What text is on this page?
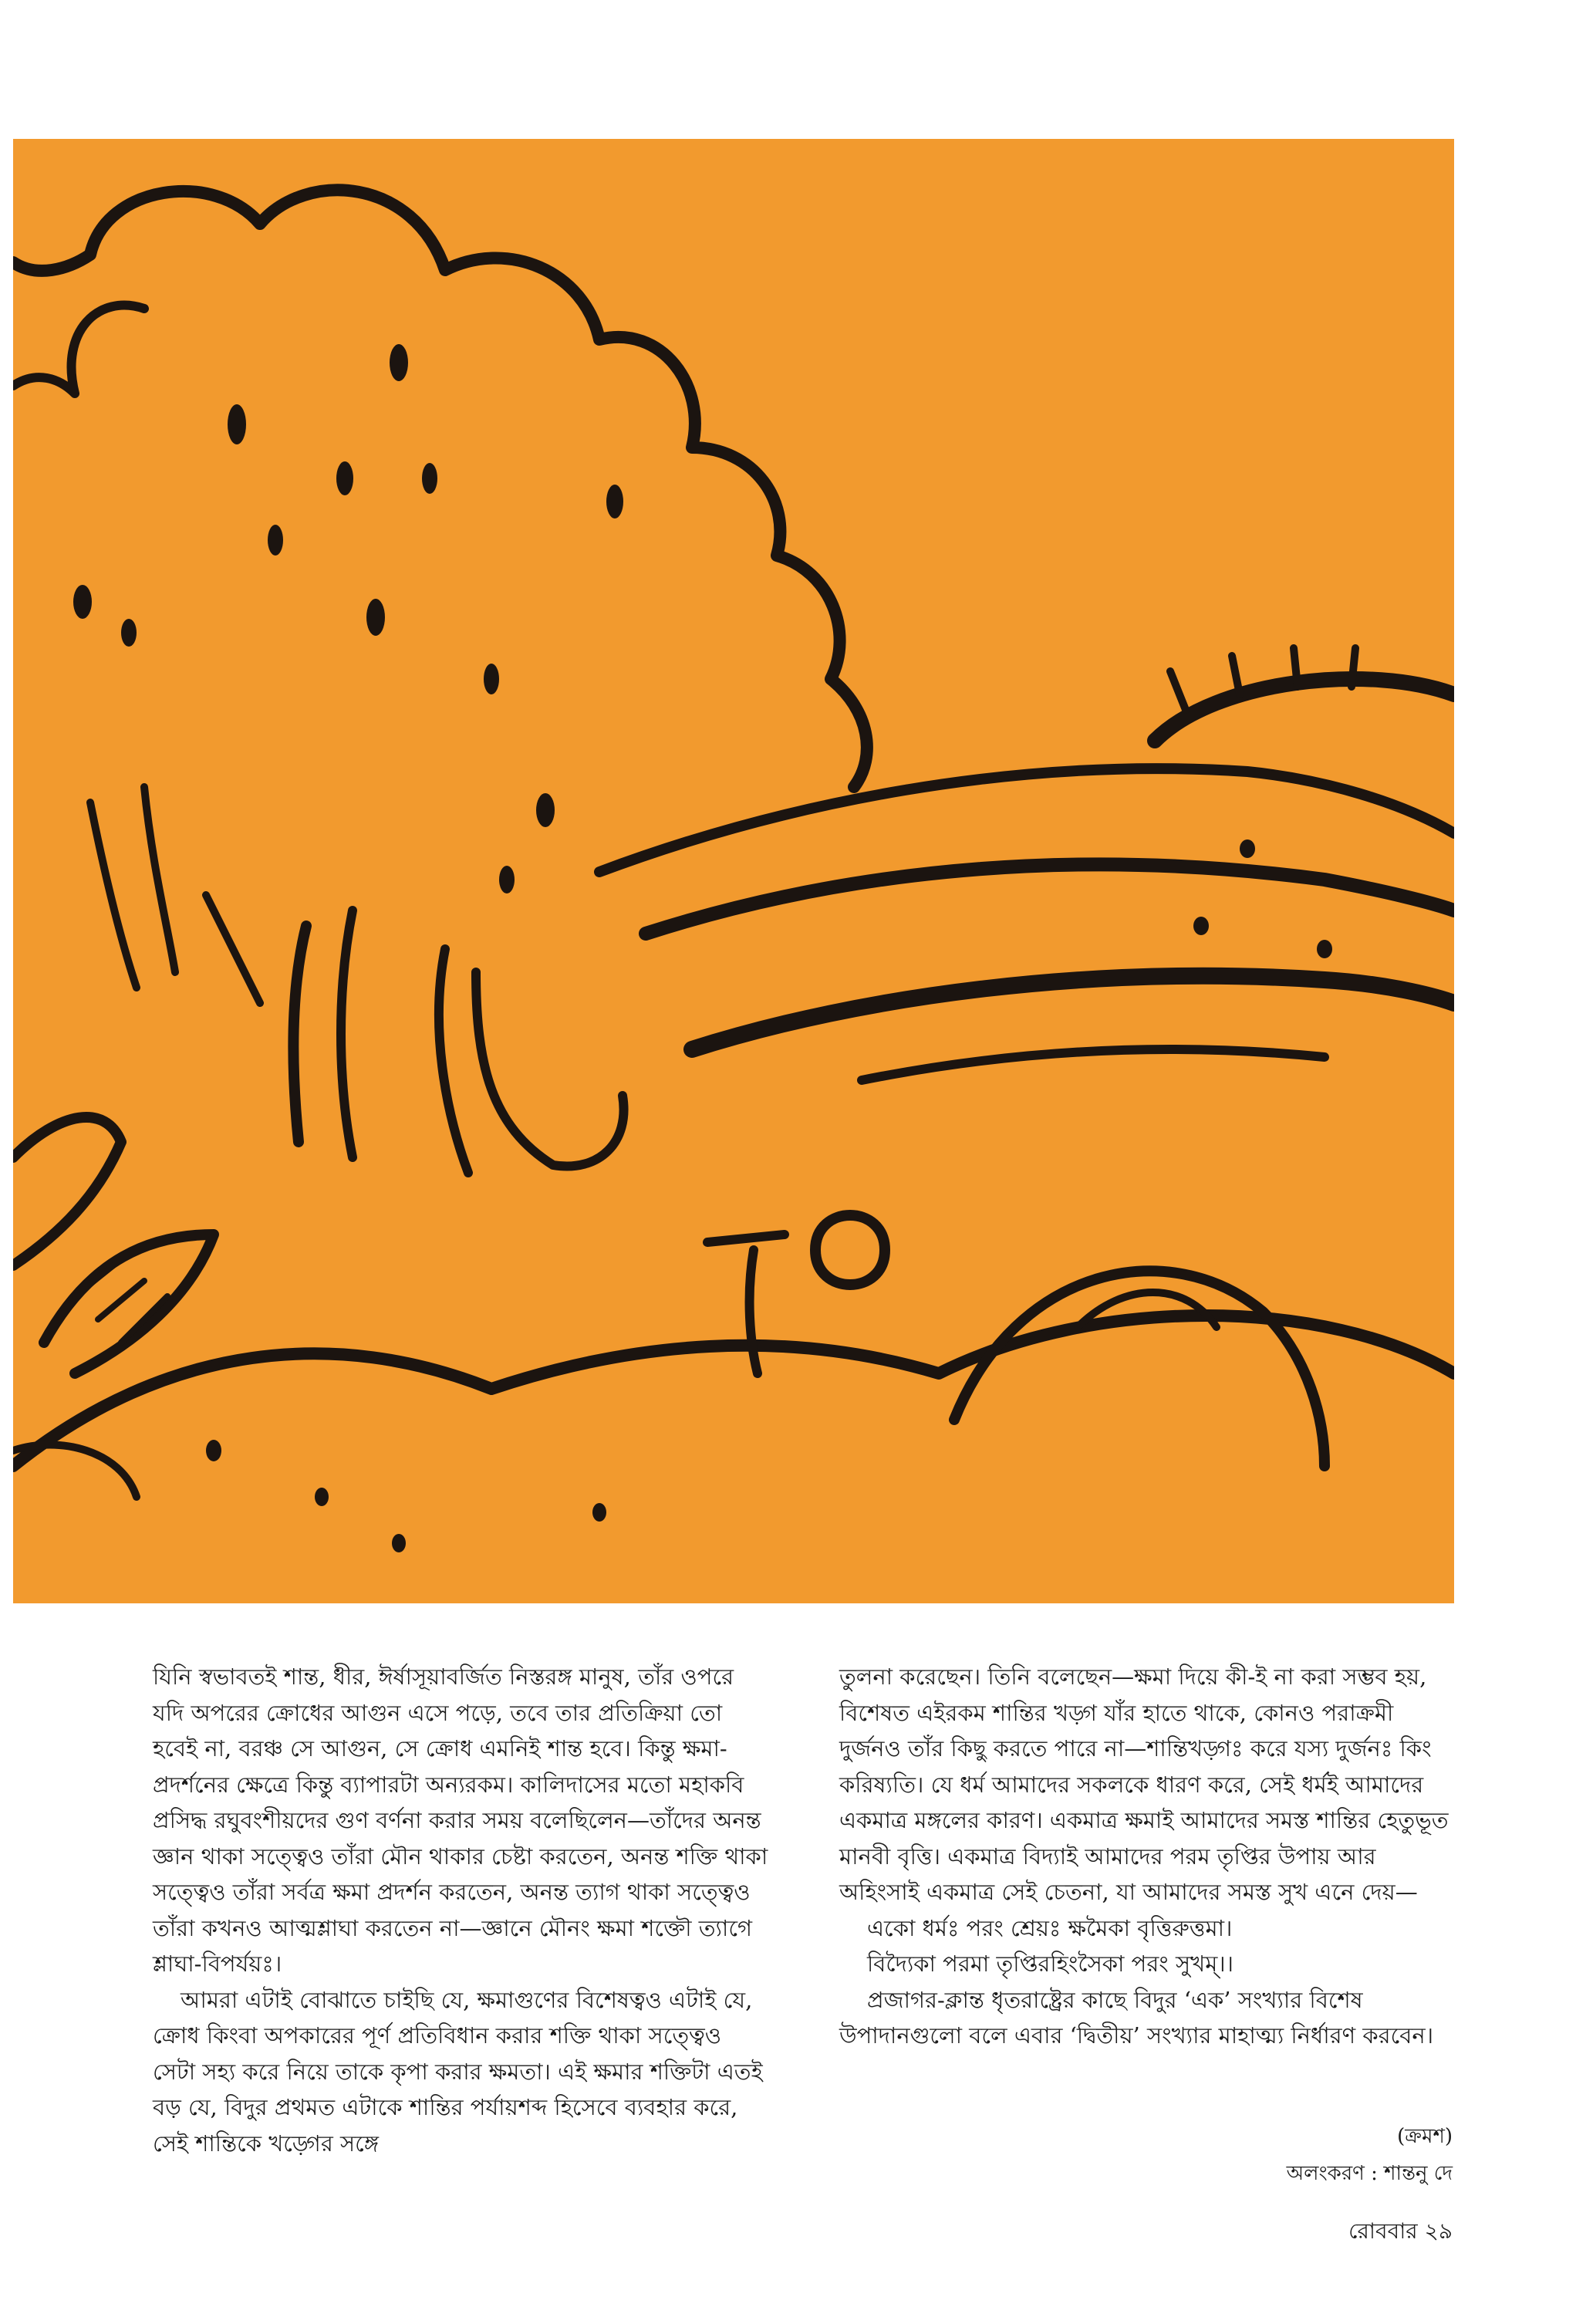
যিনি স্বভাবতই শান্ত, ধীর, ঈর্ষাসূয়াবর্জিত নিস্তরঙ্গ মানুষ, তাঁর ওপরে যদি অপরের ক্রোধের আগুন এসে পড়ে, তবে তার প্রতিক্রিয়া তো হবেই না, বরঞ্চ সে আগুন, সে ক্রোধ এমনিই শান্ত হবে। কিন্তু ক্ষমা-প্রদর্শনের ক্ষেত্রে কিন্তু ব্যাপারটা অন্যরকম। কালিদাসের মতো মহাকবি প্রসিদ্ধ রঘুবংশীয়দের গুণ বর্ণনা করার সময় বলেছিলেন—তাঁদের অনন্ত জ্ঞান থাকা সত্ত্বেও তাঁরা মৌন থাকার চেষ্টা করতেন, অনন্ত শক্তি থাকা সত্ত্বেও তাঁরা সর্বত্র ক্ষমা প্রদর্শন করতেন, অনন্ত ত্যাগ থাকা সত্ত্বেও তাঁরা কখনও আত্মশ্লাঘা করতেন না—জ্ঞানে মৌনং ক্ষমা শক্তৌ ত্যাগে শ্লাঘা-বিপর্যয়ঃ।

আমরা এটাই বোঝাতে চাইছি যে, ক্ষমাগুণের বিশেষত্বও এটাই যে, ক্রোধ কিংবা অপকারের পূর্ণ প্রতিবিধান করার শক্তি থাকা সত্ত্বেও সেটা সহ্য করে নিয়ে তাকে কৃপা করার ক্ষমতা। এই ক্ষমার শক্তিটা এতই বড় যে, বিদুর প্রথমত এটাকে শান্তির পর্যায়শব্দ হিসেবে ব্যবহার করে, সেই শান্তিকে খড়্গের সঙ্গে

তুলনা করেছেন। তিনি বলেছেন—ক্ষমা দিয়ে কী-ই না করা সম্ভব হয়, বিশেষত এইরকম শান্তির খড়্গ যাঁর হাতে থাকে, কোনও পরাক্রমী দুর্জনও তাঁর কিছু করতে পারে না—শান্তিখড়্গঃ করে যস্য দুর্জনঃ কিং করিষ্যতি। যে ধর্ম আমাদের সকলকে ধারণ করে, সেই ধর্মই আমাদের একমাত্র মঙ্গলের কারণ। একমাত্র ক্ষমাই আমাদের সমস্ত শান্তির হেতুভূত মানবী বৃত্তি। একমাত্র বিদ্যাই আমাদের পরম তৃপ্তির উপায় আর অহিংসাই একমাত্র সেই চেতনা, যা আমাদের সমস্ত সুখ এনে দেয়—

একো ধর্মঃ পরং শ্রেয়ঃ ক্ষমৈকা বৃত্তিরুত্তমা।

বিদ্যৈকা পরমা তৃপ্তিরহিংসৈকা পরং সুখম্।।

প্রজাগর-ক্লান্ত ধৃতরাষ্ট্রের কাছে বিদুর ‘এক’ সংখ্যার বিশেষ উপাদানগুলো বলে এবার ‘দ্বিতীয়’ সংখ্যার মাহাত্ম্য নির্ধারণ করবেন।

(ক্রমশ)
অলংকরণ : শান্তনু দে
রোববার ২৯
